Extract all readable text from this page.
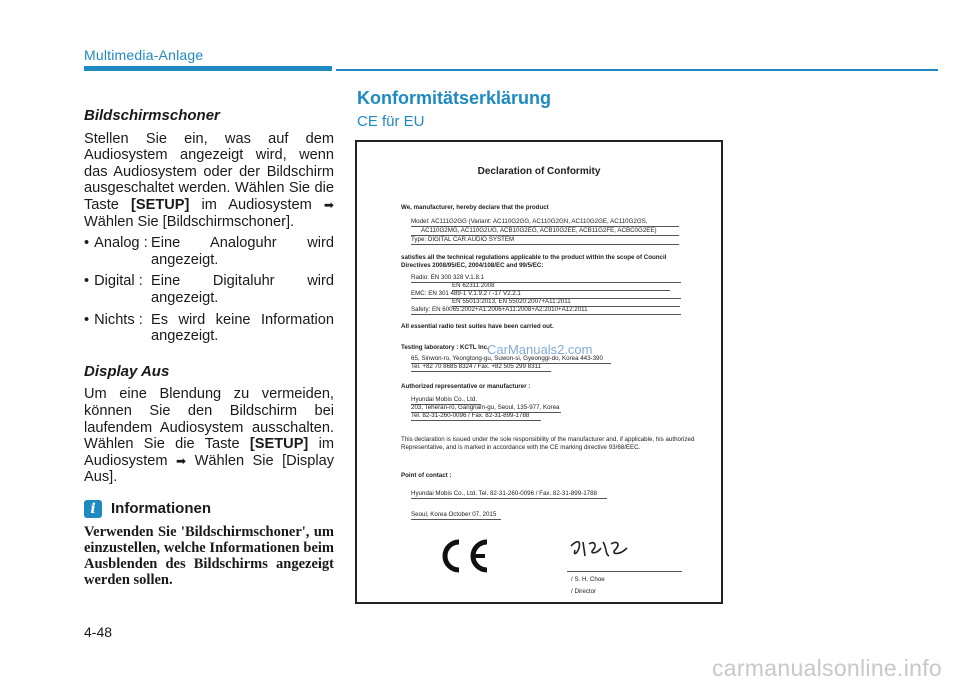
Multimedia-Anlage
Bildschirmschoner

Stellen Sie ein, was auf dem Audiosystem angezeigt wird, wenn das Audiosystem oder der Bildschirm ausgeschaltet werden. Wählen Sie die Taste [SETUP] im Audiosystem ➡ Wählen Sie [Bildschirmschoner].

• Analog : Eine Analoguhr wird angezeigt.
• Digital : Eine Digitaluhr wird angezeigt.
• Nichts : Es wird keine Information angezeigt.
Display Aus

Um eine Blendung zu vermeiden, können Sie den Bildschirm bei laufendem Audiosystem ausschalten. Wählen Sie die Taste [SETUP] im Audiosystem ➡ Wählen Sie [Display Aus].

i	Informationen

Verwenden Sie 'Bildschirmschoner', um einzustellen, welche Informationen beim Ausblenden des Bildschirms angezeigt werden sollen.

Konformitätserklärung
CE für EU
Declaration of Conformity
We, manufacturer, hereby declare that the product
Model: AC111G2GG (Variant: AC110G2GG, AC110G2GN, AC110G2GE, AC110G2GS,
AC110G2MG, AC110G2UG, ACB10G2EG, ACB10G2EE, ACB11G2FE, ACBC0G2EE)
Type: DIGITAL CAR AUDIO SYSTEM
satisfies all the technical regulations applicable to the product within the scope of Council
Directives 2008/95/EC, 2004/108/EC and 99/5/EC:
Radio: EN 300 328 V.1.8.1
EN 62311:2008
EMC: EN 301 489-1 V.1.9.2 / -17 V2.2.1
EN 55013:2013, EN 55020:2007+A11:2011
Safety: EN 60065:2002+A1:2006+A11:2008+A2:2010+A12:2011
All essential radio test suites have been carried out.
Testing laboratory : KCTL Inc.
65, Sinwon-ro, Yeongtong-gu, Suwon-si, Gyeonggi-do, Korea 443-390
Tel. +82 70 8685 8324 / Fax. +82 505 299 8311
CarManuals2.com
Authorized representative or manufacturer :
Hyundai Mobis Co., Ltd.
203, Teheran-ro, Gangnam-gu, Seoul, 135-977, Korea
Tel. 82-31-260-0096 / Fax. 82-31-899-1788
This declaration is issued under the sole responsibility of the manufacturer and, if applicable, his authorized
Representative, and is marked in accordance with the CE marking directive 93/68/EEC.
Point of contact :
Hyundai Mobis Co., Ltd. Tel. 82-31-260-0096 / Fax. 82-31-899-1788
Seoul, Korea October 07, 2015
/ S. H. Choe
/ Director
4-48
carmanualsonline.info
